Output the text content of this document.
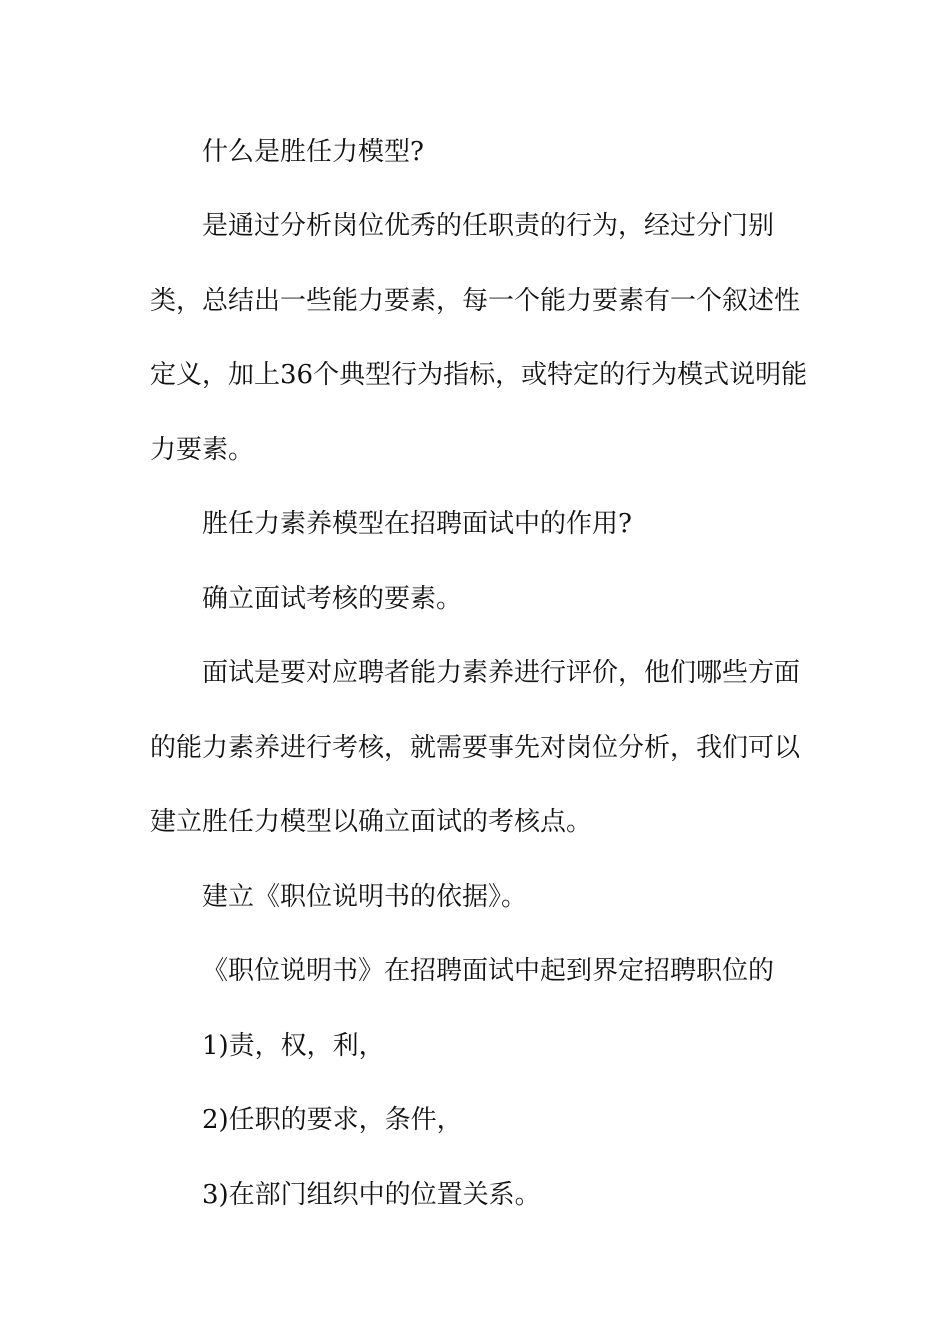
什么是胜任力模型?

是通过分析岗位优秀的任职责的行为，经过分门别

类，总结出一些能力要素，每一个能力要素有一个叙述性

定义，加上36个典型行为指标，或特定的行为模式说明能

力要素。

胜任力素养模型在招聘面试中的作用?

确立面试考核的要素。

面试是要对应聘者能力素养进行评价，他们哪些方面

的能力素养进行考核，就需要事先对岗位分析，我们可以

建立胜任力模型以确立面试的考核点。

建立《职位说明书的依据》。

《职位说明书》在招聘面试中起到界定招聘职位的

1)责，权，利，

2)任职的要求，条件，

3)在部门组织中的位置关系。
